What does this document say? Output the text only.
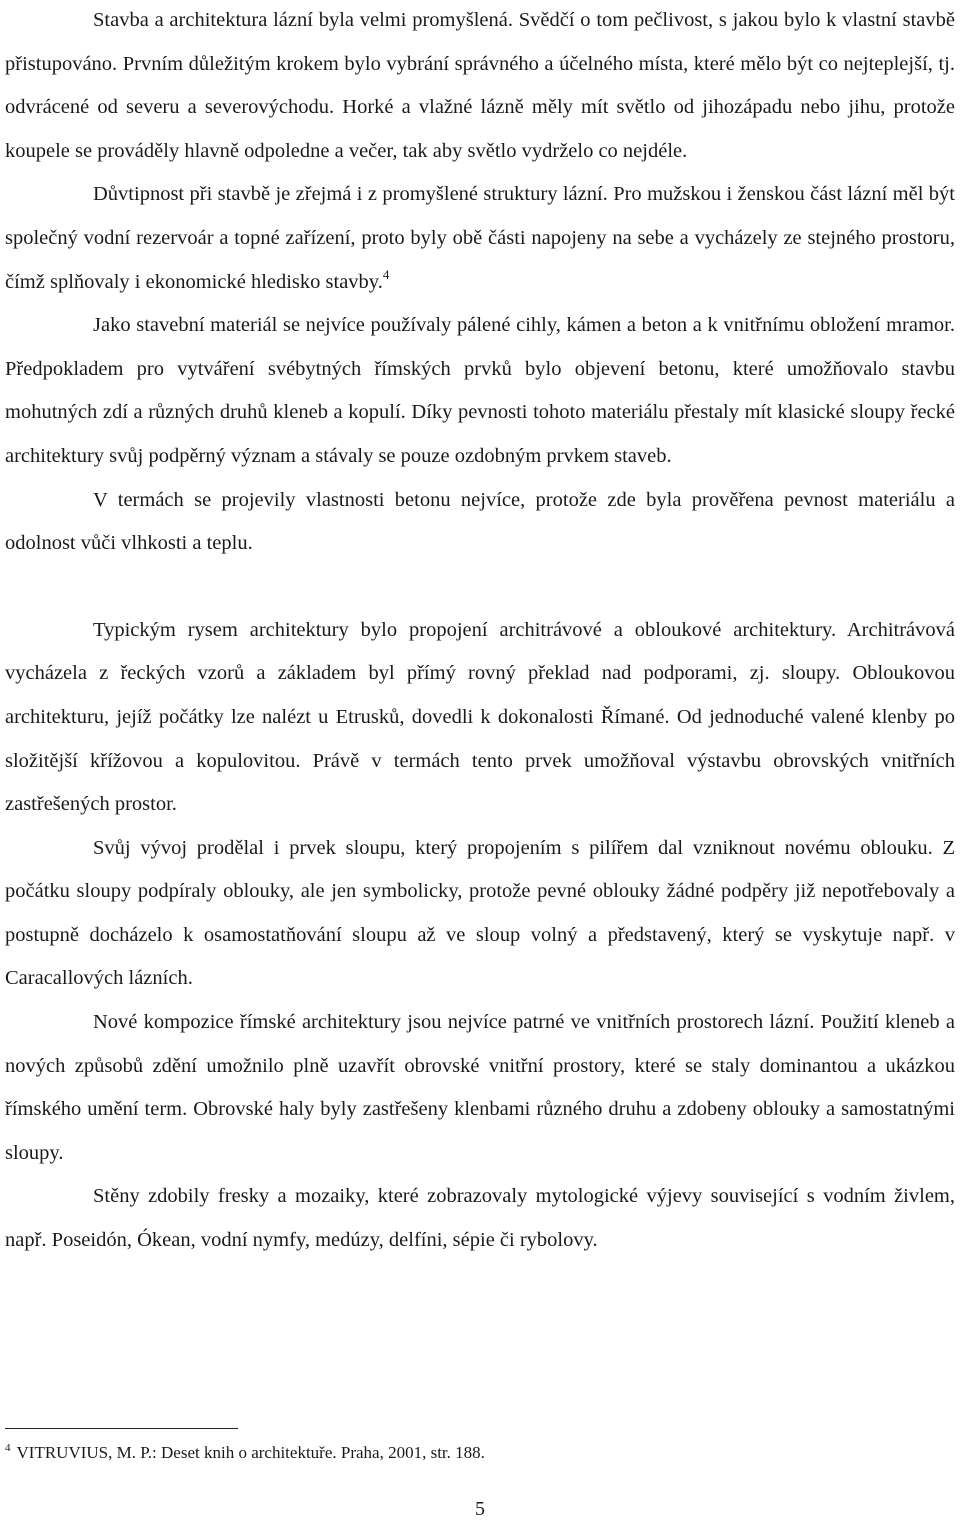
Stavba a architektura lázní byla velmi promyšlená. Svědčí o tom pečlivost, s jakou bylo k vlastní stavbě přistupováno. Prvním důležitým krokem bylo vybrání správného a účelného místa, které mělo být co nejteplejší, tj. odvrácené od severu a severovýchodu. Horké a vlažné lázně měly mít světlo od jihozápadu nebo jihu, protože koupele se prováděly hlavně odpoledne a večer, tak aby světlo vydrželo co nejdéle.

Důvtipnost při stavbě je zřejmá i z promyšlené struktury lázní. Pro mužskou i ženskou část lázní měl být společný vodní rezervoár a topné zařízení, proto byly obě části napojeny na sebe a vycházely ze stejného prostoru, čímž splňovaly i ekonomické hledisko stavby.$^4$

Jako stavební materiál se nejvíce používaly pálené cihly, kámen a beton a k vnitřnímu obložení mramor. Předpokladem pro vytváření svébytných římských prvků bylo objevení betonu, které umožňovalo stavbu mohutných zdí a různých druhů kleneb a kopulí. Díky pevnosti tohoto materiálu přestaly mít klasické sloupy řecké architektury svůj podpěrný význam a stávaly se pouze ozdobným prvkem staveb.

V termách se projevily vlastnosti betonu nejvíce, protože zde byla prověřena pevnost materiálu a odolnost vůči vlhkosti a teplu.

Typickým rysem architektury bylo propojení architrávové a obloukové architektury. Architrávová vycházela z řeckých vzorů a základem byl přímý rovný překlad nad podporami, zj. sloupy. Obloukovou architekturu, jejíž počátky lze nalézt u Etrusků, dovedli k dokonalosti Římané. Od jednoduché valené klenby po složitější křížovou a kopulovitou. Právě v termách tento prvek umožňoval výstavbu obrovských vnitřních zastřešených prostor.

Svůj vývoj prodělal i prvek sloupu, který propojením s pilířem dal vzniknout novému oblouku. Z počátku sloupy podpíraly oblouky, ale jen symbolicky, protože pevné oblouky žádné podpěry již nepotřebovaly a postupně docházelo k osamostatňování sloupu až ve sloup volný a představený, který se vyskytuje např. v Caracallových lázních.

Nové kompozice římské architektury jsou nejvíce patrné ve vnitřních prostorech lázní. Použití kleneb a nových způsobů zdění umožnilo plně uzavřít obrovské vnitřní prostory, které se staly dominantou a ukázkou římského umění term. Obrovské haly byly zastřešeny klenbami různého druhu a zdobeny oblouky a samostatnými sloupy.

Stěny zdobily fresky a mozaiky, které zobrazovaly mytologické výjevy související s vodním živlem, např. Poseidón, Ókean, vodní nymfy, medúzy, delfíni, sépie či rybolovy.

$^4$ VITRUVIUS, M. P.: Deset knih o architektuře. Praha, 2001, str. 188.

5
